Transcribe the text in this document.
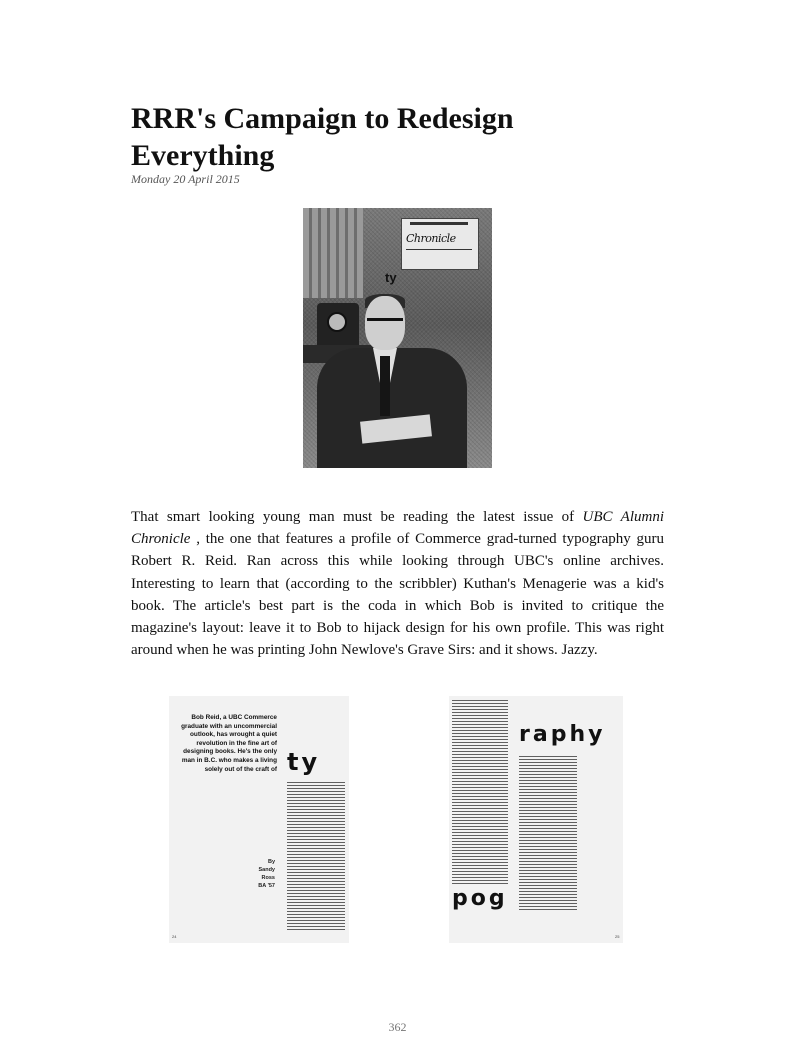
RRR's Campaign to Redesign Everything
Monday 20 April 2015
Chronicle
ty

That smart looking young man must be reading the latest issue of UBC Alumni Chronicle , the one that features a profile of Commerce grad-turned typography guru Robert R. Reid. Ran across this while looking through UBC's online archives. Interesting to learn that (according to the scribbler) Kuthan's Menagerie was a kid's book. The article's best part is the coda in which Bob is invited to critique the magazine's layout: leave it to Bob to hijack design for his own profile. This was right around when he was printing John Newlove's Grave Sirs: and it shows. Jazzy.

Bob Reid, a UBC Commerce graduate with an uncommercial outlook, has wrought a quiet revolution in the fine art of designing books. He's the only man in B.C. who makes a living solely out of the craft of ty
By Sandy Ross BA '57
24
raphy
pog
25
362
